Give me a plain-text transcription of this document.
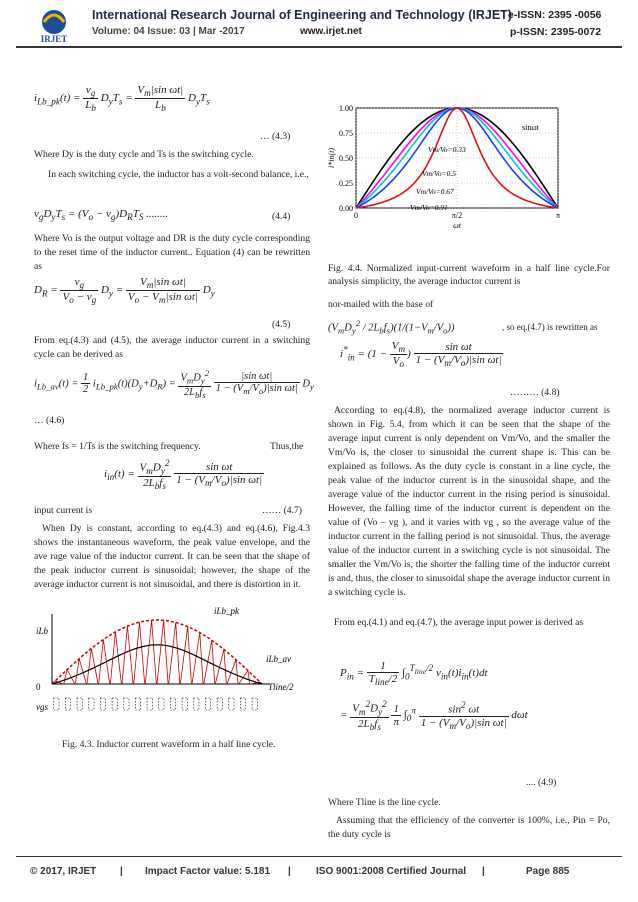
IRJET
International Research Journal of Engineering and Technology (IRJET)
e-ISSN: 2395 -0056
Volume: 04 Issue: 03 | Mar -2017	www.irjet.net	p-ISSN: 2395-0072
$i_{Lb\_pk}(t) = \frac{v_g}{L_b} D_yT_s = \frac{V_m|\sin \omega t|}{L_b} D_yT_s$
… (4.3)
Where Dy is the duty cycle and Ts is the switching cycle.
In each switching cycle, the inductor has a volt-second balance, i.e.,
$v_gD_yT_s = (V_o - v_g)D_RT_S$ ........	(4.4)
Where Vo is the output voltage and DR is the duty cycle corresponding to the reset time of the inductor current.. Equation (4) can be rewritten as
$D_R = \frac{v_g}{V_o - v_g} D_y = \frac{V_m|\sin \omega t|}{V_o - V_m|\sin \omega t|} D_y$
(4.5)
From eq.(4.3) and (4.5), the average inductor current in a switching cycle can be derived as
$i_{Lb\_av}(t) = \frac{1}{2} i_{Lb\_pk}(t)(D_y+D_R) = \frac{V_mD_y^2}{2L_bf_s}$
$\frac{\text{|sin ωt|}}{1 - (V_m/V_o)|\sin \omega t|} D_y$
… (4.6)
Where fs = 1/Ts is the switching frequency.	Thus,the
$i_{in}(t) = \frac{V_mD_y^2}{2L_bf_s}$
$\frac{\text{sin ωt}}{1 - (V_m/V_o)|\sin \omega t|}$
input current is	…… (4.7)
When Dy is constant, according to eq.(4.3) and eq.(4.6), Fig.4.3 shows the instantaneous waveform, the peak value envelope, and the ave rage value of the inductor current. It can be seen that the shape of the peak inductor current is sinusoidal; however, the shape of the average inductor current is not sinusoidal, and there is distortion in it.
0
vgs
iLb
iLb_pk
iLb_av
Tline/2
Fig. 4.3. Inductor current waveform in a half line cycle.
0.00
0.25
0.50
0.75
1.00
0	π/2	π
ωt
i*in(t)
sinωt
Vm/Vo=0.33
Vm/Vo=0.5
Vm/Vo=0.67
Vm/Vo=0.91
Fig. 4.4. Normalized input-current waveform in a half line cycle.For analysis simplicity, the average inductor current is
nor-mailed with the base of
$(V_mD_y^2 / 2L_bf_s)(1/(1-V_m/V_o))$	, so eq.(4.7) is rewritten as
$i^*_{in} = (1 - \frac{V_m}{V_o}$ ) $\frac{\text{sin ωt}}{1 - (V_m/V_o)|\sin \omega t|}$
……… (4.8)
According to eq.(4.8), the normalized average inductor current is shown in Fig. 5.4, from which it can be seen that the shape of the average input current is only dependent on Vm/Vo, and the smaller the Vm/Vo is, the closer to sinusoidal the current shape is. This can be explained as follows. As the duty cycle is constant in a line cycle, the peak value of the inductor current is in the sinusoidal shape, and the average value of the inductor current in the rising period is sinusoidal. However, the falling time of the inductor current is dependent on the value of (Vo – vg ), and it varies with vg , so the average value of the inductor current in the falling period is not sinusoidal. Thus, the average value of the inductor current in a switching cycle is not sinusoidal. The smaller the Vm/Vo is, the shorter the falling time of the inductor current is and, thus, the closer to sinusoidal shape the average inductor current in a switching cycle is.
From eq.(4.1) and eq.(4.7), the average input power is derived as
$P_{in} = \frac{1}{T_{line}/2} \int_0^{T_{line}/2}$ $v_{in}(t)i_{in}(t)dt$

= $\frac{V_m^2D_y^2}{2L_bf_s}$
$\frac{1}{\pi} \int_0^\pi \frac{\sin^2 \omega t}{1 - (V_m/V_o)|\sin \omega t|}$ dωt
.... (4.9)
Where Tline is the line cycle.
Assuming that the efficiency of the converter is 100%, i.e., Pin = Po, the duty cycle is
© 2017, IRJET | Impact Factor value: 5.181 |	ISO 9001:2008 Certified Journal |	Page 885
